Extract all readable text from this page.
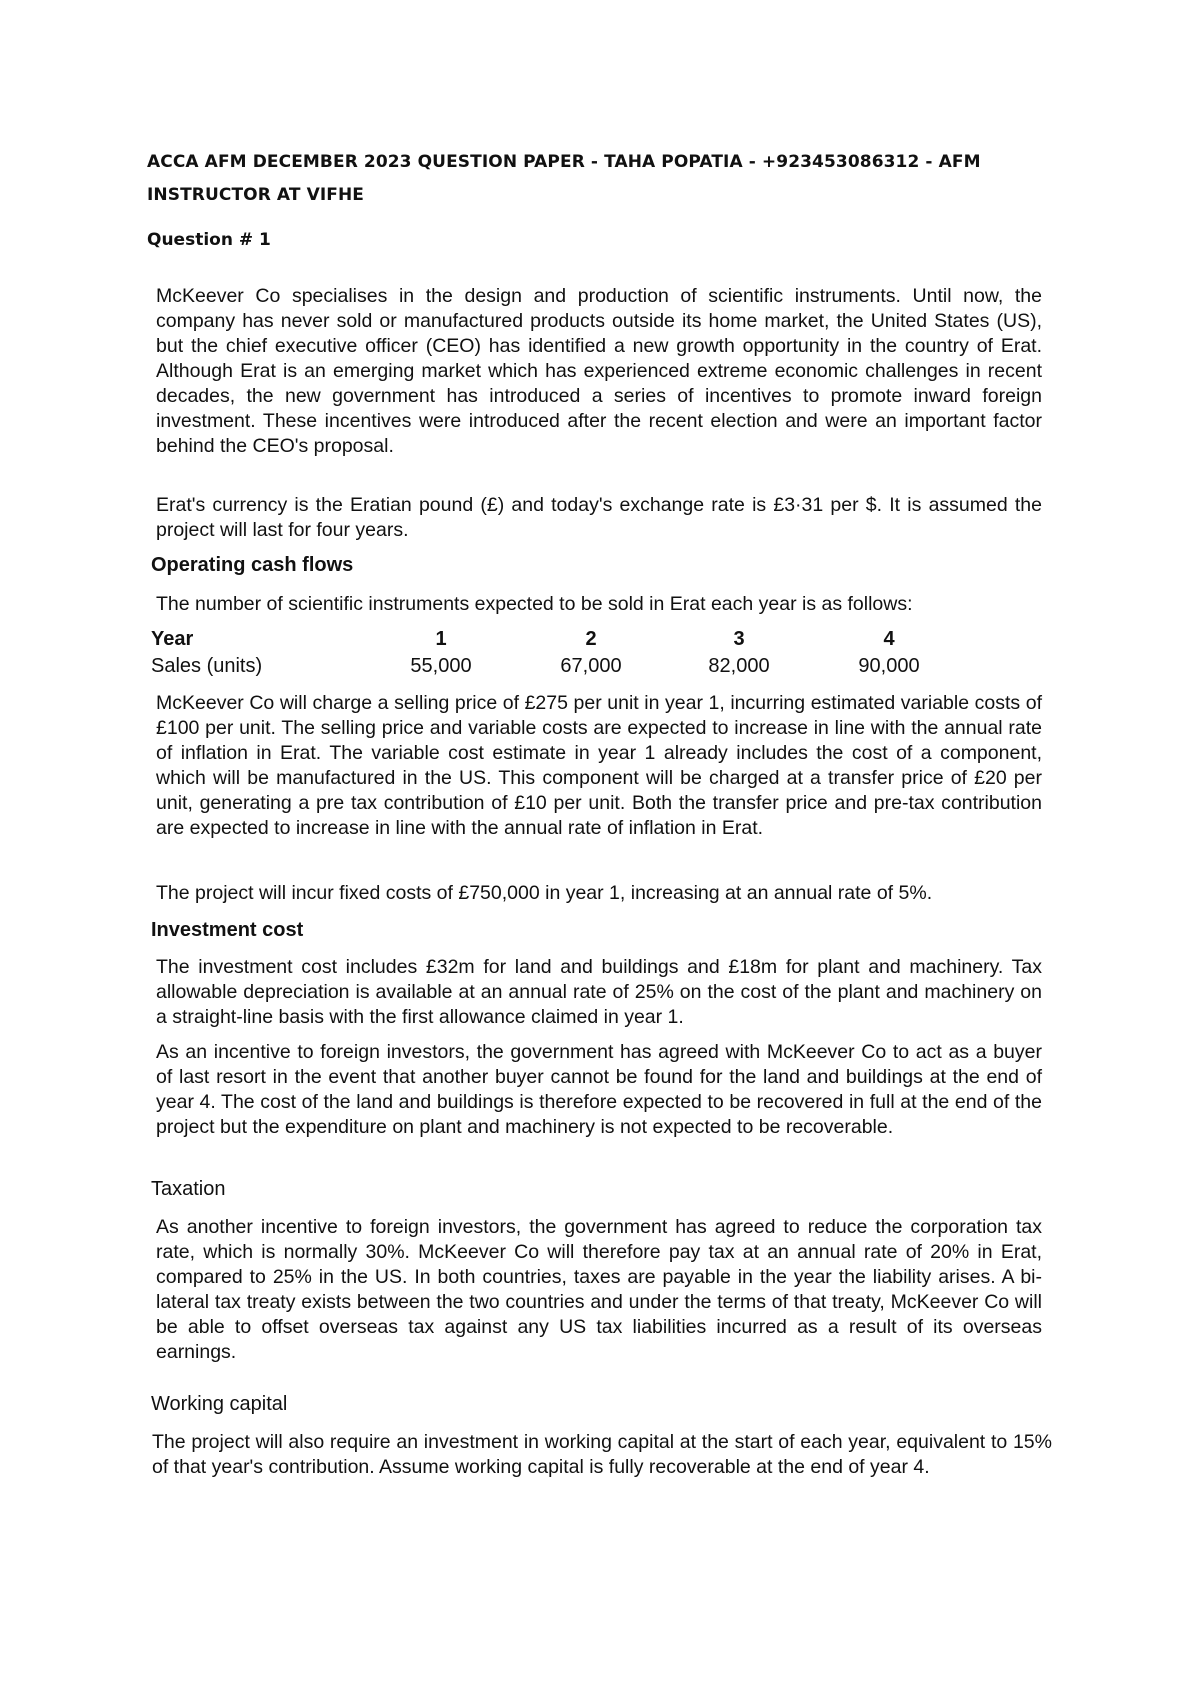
ACCA AFM DECEMBER 2023 QUESTION PAPER - TAHA POPATIA - +923453086312 - AFM
INSTRUCTOR AT VIFHE
Question # 1

McKeever Co specialises in the design and production of scientific instruments. Until now, the company has never sold or manufactured products outside its home market, the United States (US), but the chief executive officer (CEO) has identified a new growth opportunity in the country of Erat. Although Erat is an emerging market which has experienced extreme economic challenges in recent decades, the new government has introduced a series of incentives to promote inward foreign investment. These incentives were introduced after the recent election and were an important factor behind the CEO's proposal.

Erat's currency is the Eratian pound (£) and today's exchange rate is £3·31 per $. It is assumed the project will last for four years.

Operating cash flows

The number of scientific instruments expected to be sold in Erat each year is as follows:

Year	1	2	3	4
Sales (units)	55,000	67,000	82,000	90,000

McKeever Co will charge a selling price of £275 per unit in year 1, incurring estimated variable costs of £100 per unit. The selling price and variable costs are expected to increase in line with the annual rate of inflation in Erat. The variable cost estimate in year 1 already includes the cost of a component, which will be manufactured in the US. This component will be charged at a transfer price of £20 per unit, generating a pre tax contribution of £10 per unit. Both the transfer price and pre-tax contribution are expected to increase in line with the annual rate of inflation in Erat.

The project will incur fixed costs of £750,000 in year 1, increasing at an annual rate of 5%.

Investment cost

The investment cost includes £32m for land and buildings and £18m for plant and machinery. Tax allowable depreciation is available at an annual rate of 25% on the cost of the plant and machinery on a straight-line basis with the first allowance claimed in year 1.

As an incentive to foreign investors, the government has agreed with McKeever Co to act as a buyer of last resort in the event that another buyer cannot be found for the land and buildings at the end of year 4. The cost of the land and buildings is therefore expected to be recovered in full at the end of the project but the expenditure on plant and machinery is not expected to be recoverable.

Taxation

As another incentive to foreign investors, the government has agreed to reduce the corporation tax rate, which is normally 30%. McKeever Co will therefore pay tax at an annual rate of 20% in Erat, compared to 25% in the US. In both countries, taxes are payable in the year the liability arises. A bi-lateral tax treaty exists between the two countries and under the terms of that treaty, McKeever Co will be able to offset overseas tax against any US tax liabilities incurred as a result of its overseas earnings.

Working capital

The project will also require an investment in working capital at the start of each year, equivalent to 15% of that year's contribution. Assume working capital is fully recoverable at the end of year 4.
